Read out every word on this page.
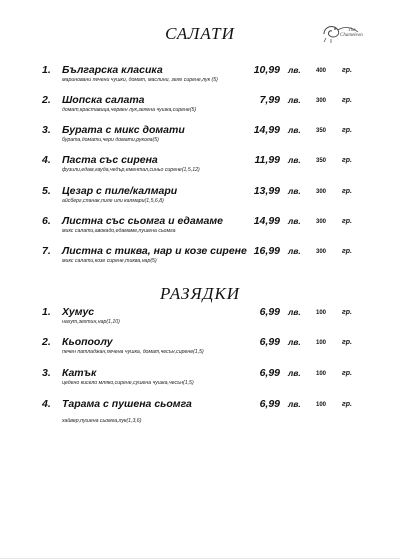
The
Chameleon
САЛАТИ
1. Българска класика	10,99 лв.	400 гр.
мариновани печени чушки, домат, маслини, зеле сирене,лук (5)
2. Шопска салата	7,99 лв.	300 гр.
домат,краставица,червен лук,зелена чушка,сирене(5)
3. Бурата с микс домати	14,99 лв.	350 гр.
бурата,домати,чери домати,рукола(5)
4. Паста със сирена	11,99 лв.	350 гр.
фузили,едам,гауда,чедър,ементал,синьо сирене(1,5,12)
5. Цезар с пиле/калмари	13,99 лв.	300 гр.
айсберг,спанак,пиле или калмари(1,5,6,8)
6. Листна със сьомга и едамаме	14,99 лв.	300 гр.
микс салати,авокадо,едамаме,пушена сьомга
7. Листна с тиква, нар и козе сирене 16,99 лв.	300 гр.
микс салати,козе сирене,тиква,нар(5)
РАЗЯДКИ
1. Хумус	6,99 лв.	100 гр.
нахут,зехтин,нар(1,10)
2. Кьопоолу	6,99 лв.	100 гр.
печен патладжан,печена чушка, домат,чесън,сирене(1,5)
3. Катък	6,99 лв.	100 гр.
цедено кисело мляко,сирене,сушена чушка,чесън(1,5)
4. Тарама с пушена сьомга	6,99 лв.	100 гр.
хайвер,пушена сьомга,лук(1,3,6)
